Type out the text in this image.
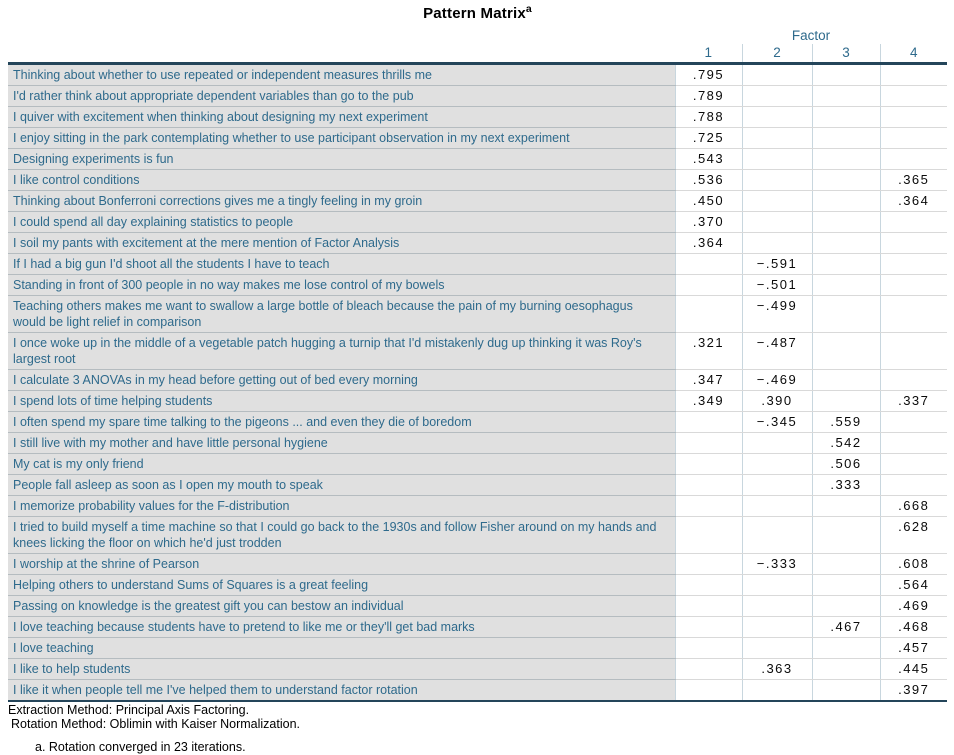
Pattern Matrix$^a$
	Factor			
	1	2	3	4
Thinking about whether to use repeated or independent measures thrills me	.795			
I'd rather think about appropriate dependent variables than go to the pub	.789			
I quiver with excitement when thinking about designing my next experiment	.788			
I enjoy sitting in the park contemplating whether to use participant observation in my next experiment	.725			
Designing experiments is fun	.543			
I like control conditions	.536			.365
Thinking about Bonferroni corrections gives me a tingly feeling in my groin	.450			.364
I could spend all day explaining statistics to people	.370			
I soil my pants with excitement at the mere mention of Factor Analysis	.364			
If I had a big gun I'd shoot all the students I have to teach		−.591		
Standing in front of 300 people in no way makes me lose control of my bowels		−.501		
Teaching others makes me want to swallow a large bottle of bleach because the pain of my burning oesophagus would be light relief in comparison		−.499		
I once woke up in the middle of a vegetable patch hugging a turnip that I'd mistakenly dug up thinking it was Roy's largest root	.321	−.487		
I calculate 3 ANOVAs in my head before getting out of bed every morning	.347	−.469		
I spend lots of time helping students	.349	.390		.337
I often spend my spare time talking to the pigeons ... and even they die of boredom		−.345	.559	
I still live with my mother and have little personal hygiene			.542	
My cat is my only friend			.506	
People fall asleep as soon as I open my mouth to speak			.333	
I memorize probability values for the F-distribution				.668
I tried to build myself a time machine so that I could go back to the 1930s and follow Fisher around on my hands and knees licking the floor on which he'd just trodden				.628
I worship at the shrine of Pearson		−.333		.608
Helping others to understand Sums of Squares is a great feeling				.564
Passing on knowledge is the greatest gift you can bestow an individual				.469
I love teaching because students have to pretend to like me or they'll get bad marks			.467	.468
I love teaching				.457
I like to help students		.363		.445
I like it when people tell me I've helped them to understand factor rotation				.397
Extraction Method: Principal Axis Factoring.
Rotation Method: Oblimin with Kaiser Normalization.
a. Rotation converged in 23 iterations.
